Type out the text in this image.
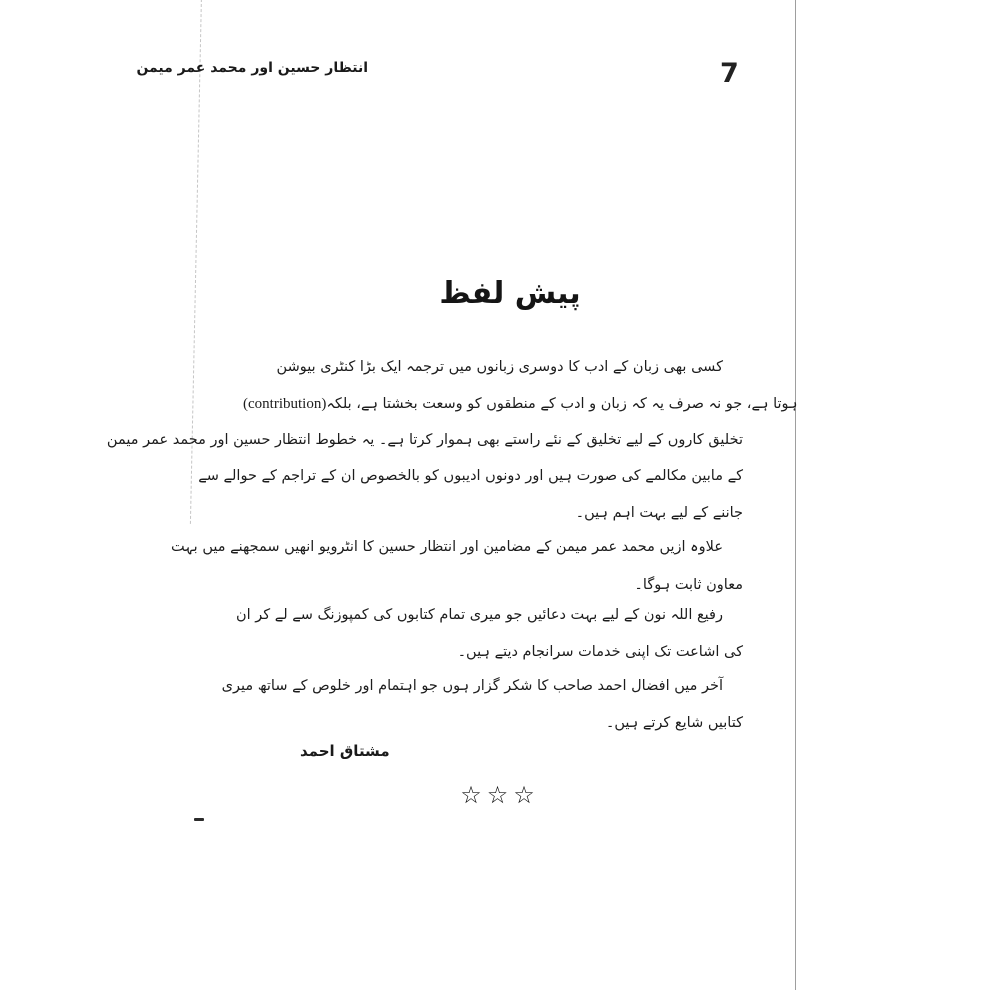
انتظار حسین اور محمد عمر میمن	7
پیش لفظ
کسی بھی زبان کے ادب کا دوسری زبانوں میں ترجمہ ایک بڑا کنٹری بیوشن
(contribution) ہوتا ہے، جو نہ صرف یہ کہ زبان و ادب کے منطقوں کو وسعت بخشتا ہے، بلکہ
تخلیق کاروں کے لیے تخلیق کے نئے راستے بھی ہموار کرتا ہے۔ یہ خطوط انتظار حسین اور محمد عمر میمن
کے مابین مکالمے کی صورت ہیں اور دونوں ادیبوں کو بالخصوص ان کے تراجم کے حوالے سے
جاننے کے لیے بہت اہم ہیں۔
علاوہ ازیں محمد عمر میمن کے مضامین اور انتظار حسین کا انٹرویو انھیں سمجھنے میں بہت
معاون ثابت ہوگا۔
رفیع اللہ نون کے لیے بہت دعائیں جو میری تمام کتابوں کی کمپوزنگ سے لے کر ان
کی اشاعت تک اپنی خدمات سرانجام دیتے ہیں۔
آخر میں افضال احمد صاحب کا شکر گزار ہوں جو اہتمام اور خلوص کے ساتھ میری
کتابیں شایع کرتے ہیں۔
مشتاق احمد
☆☆☆
